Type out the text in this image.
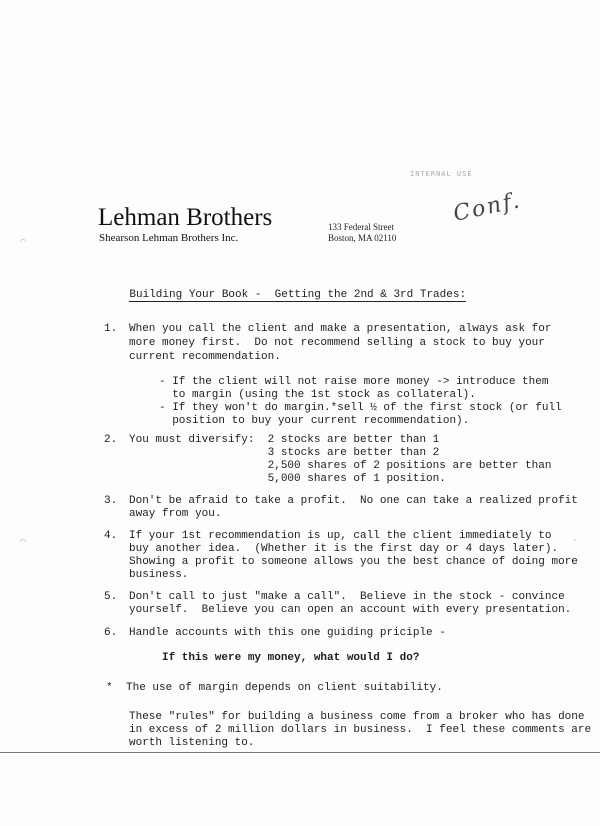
INTERNAL USE
Conf.
Lehman Brothers
Shearson Lehman Brothers Inc.
133 Federal Street
Boston, MA 02110

Building Your Book -  Getting the 2nd & 3rd Trades:

1. When you call the client and make a presentation, always ask for
more money first.  Do not recommend selling a stock to buy your
current recommendation.
- If the client will not raise more money -> introduce them
to margin (using the 1st stock as collateral).
- If they won't do margin.*sell ½ of the first stock (or full
position to buy your current recommendation).
2. You must diversify:  2 stocks are better than 1
3 stocks are better than 2
2,500 shares of 2 positions are better than
5,000 shares of 1 position.
3. Don't be afraid to take a profit.  No one can take a realized profit
away from you.
4. If your 1st recommendation is up, call the client immediately to
buy another idea.  (Whether it is the first day or 4 days later).
Showing a profit to someone allows you the best chance of doing more
business.
5. Don't call to just "make a call".  Believe in the stock - convince
yourself.  Believe you can open an account with every presentation.
6. Handle accounts with this one guiding priciple -
If this were my money, what would I do?
* The use of margin depends on client suitability.
These "rules" for building a business come from a broker who has done
in excess of 2 million dollars in business.  I feel these comments are
worth listening to.
⌒
⌒	·
